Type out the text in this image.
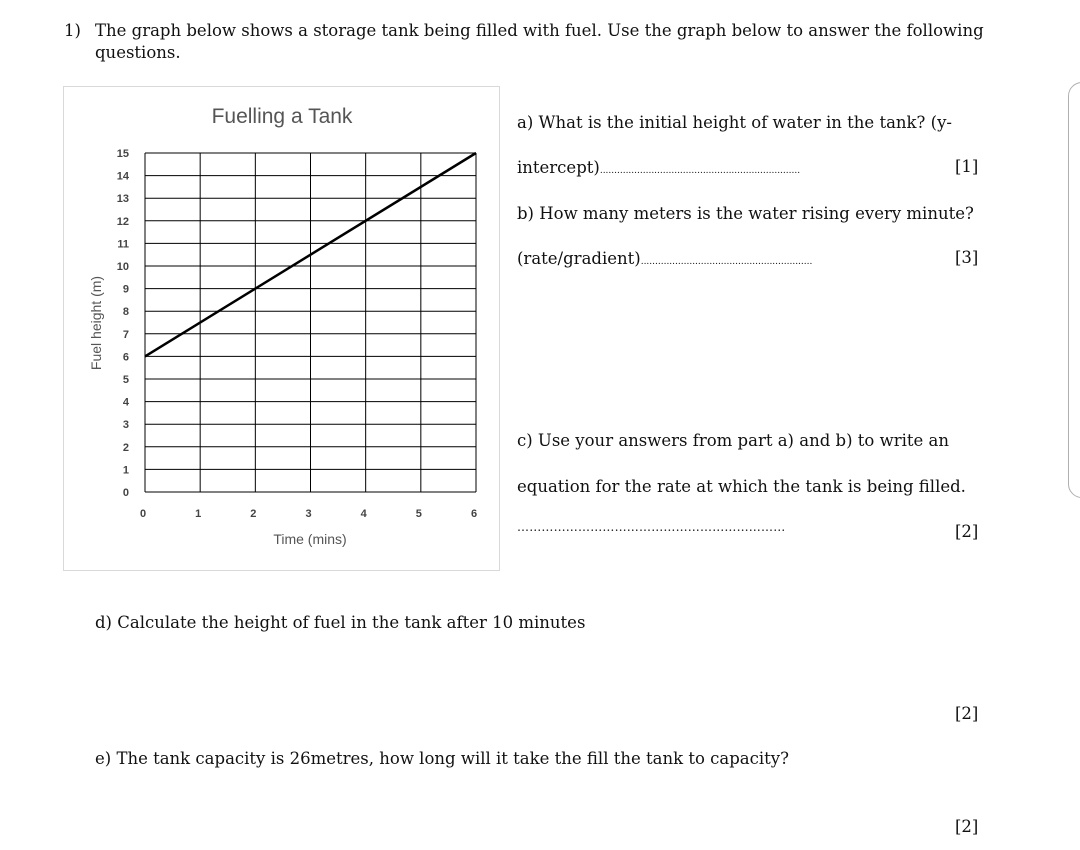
1) The graph below shows a storage tank being filled with fuel. Use the graph below to answer the following
questions.
Fuelling a Tank
0
1
2
3
4
5
6
7
8
9
10
11
12
13
14
15
0	1	2	3	4	5	6
Time (mins)
Fuel height (m)
a) What is the initial height of water in the tank? (y-
intercept)......................................................................	[1]
b) How many meters is the water rising every minute?
(rate/gradient)............................................................	[3]
c) Use your answers from part a) and b) to write an
equation for the rate at which the tank is being filled.
…………………………………………………………	[2]
d) Calculate the height of fuel in the tank after 10 minutes
[2]
e) The tank capacity is 26metres, how long will it take the fill the tank to capacity?
[2]
